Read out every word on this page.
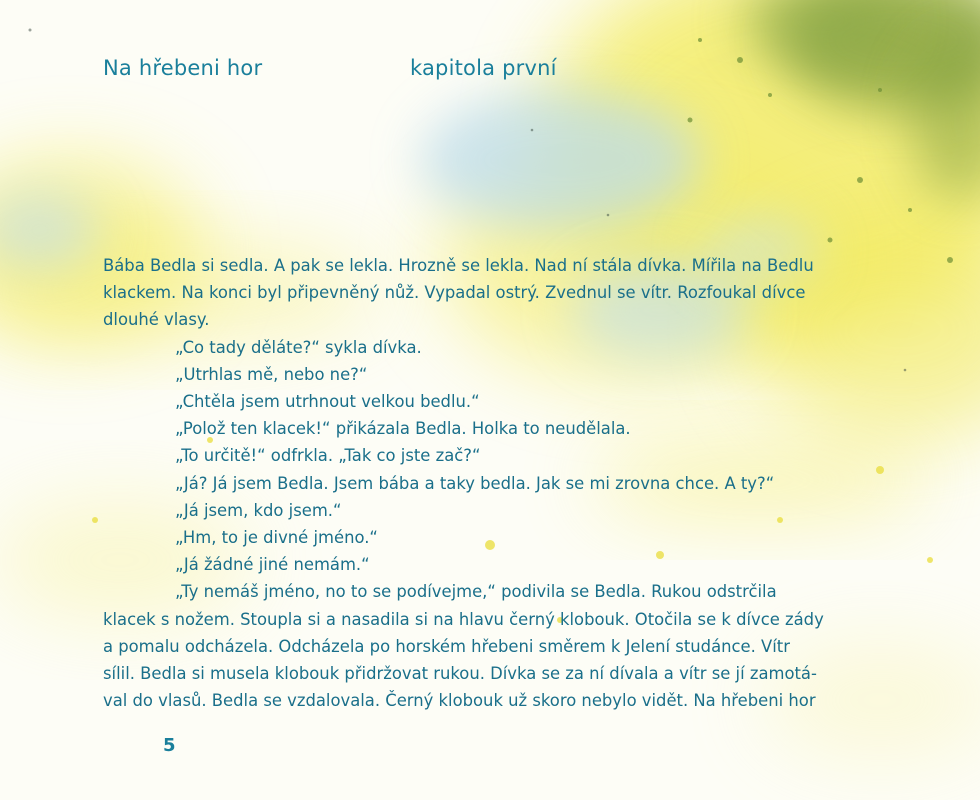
Na hřebeni hor	kapitola první

Bába Bedla si sedla. A pak se lekla. Hrozně se lekla. Nad ní stála dívka. Mířila na Bedlu

klackem. Na konci byl připevněný nůž. Vypadal ostrý. Zvednul se vítr. Rozfoukal dívce

dlouhé vlasy.

„Co tady děláte?“ sykla dívka.

„Utrhlas mě, nebo ne?“

„Chtěla jsem utrhnout velkou bedlu.“

„Polož ten klacek!“ přikázala Bedla. Holka to neudělala.

„To určitě!“ odfrkla. „Tak co jste zač?“

„Já? Já jsem Bedla. Jsem bába a taky bedla. Jak se mi zrovna chce. A ty?“

„Já jsem, kdo jsem.“

„Hm, to je divné jméno.“

„Já žádné jiné nemám.“

„Ty nemáš jméno, no to se podívejme,“ podivila se Bedla. Rukou odstrčila

klacek s nožem. Stoupla si a nasadila si na hlavu černý klobouk. Otočila se k dívce zády

a pomalu odcházela. Odcházela po horském hřebeni směrem k Jelení studánce. Vítr

sílil. Bedla si musela klobouk přidržovat rukou. Dívka se za ní dívala a vítr se jí zamotá-

val do vlasů. Bedla se vzdalovala. Černý klobouk už skoro nebylo vidět. Na hřebeni hor

5
